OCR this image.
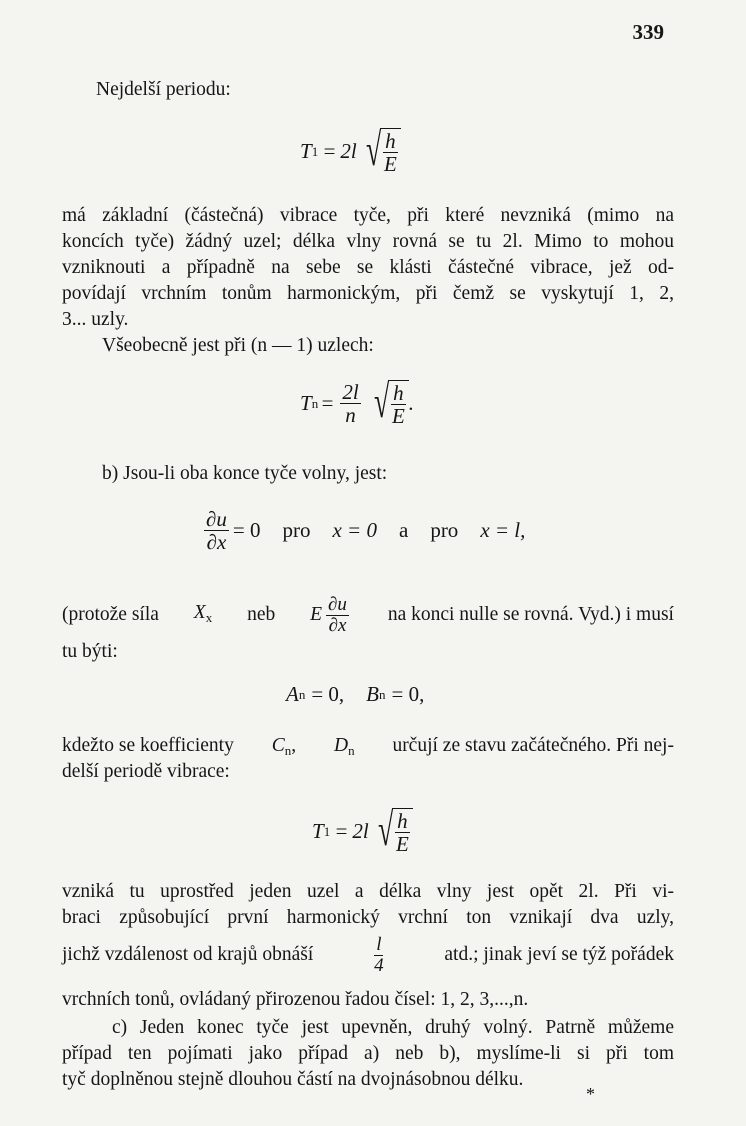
339
Nejdelší periodu:
T 1 = 2l √ $\frac{h}{E}$
má základní (částečná) vibrace tyče, při které nevzniká (mimo na
koncích tyče) žádný uzel; délka vlny rovná se tu 2l. Mimo to mohou
vzniknouti a případně na sebe se klásti částečné vibrace, jež od-
povídají vrchním tonům harmonickým, při čemž se vyskytují 1, 2,
3... uzly.
Všeobecně jest při (n — 1) uzlech:
T $n = \frac{2l}{n}$ √ $\frac{h}{E}$ .
b) Jsou-li oba konce tyče volny, jest:
$\frac{\partial u}{\partial x} = 0$ pro x = 0 a pro x = l,
(protože síla $X_x$ neb E $\frac{\partial u}{\partial x}$ na konci nulle se rovná. Vyd.) i musí
tu býti:
A n = 0, B n = 0,
kdežto se koefficienty $C_n$, $D_n$ určují ze stavu začátečného. Při nej-
delší periodě vibrace:
T 1 = 2l √ $\frac{h}{E}$
vzniká tu uprostřed jeden uzel a délka vlny jest opět 2l. Při vi-
braci způsobující první harmonický vrchní ton vznikají dva uzly,
jichž vzdálenost od krajů obnáší	$\frac{l}{4}$	atd.; jinak jeví se týž pořádek
vrchních tonů, ovládaný přirozenou řadou čísel: 1, 2, 3,...,n.
c) Jeden konec tyče jest upevněn, druhý volný. Patrně můžeme
případ ten pojímati jako případ a) neb b), myslíme-li si při tom
tyč doplněnou stejně dlouhou částí na dvojnásobnou délku.
*
